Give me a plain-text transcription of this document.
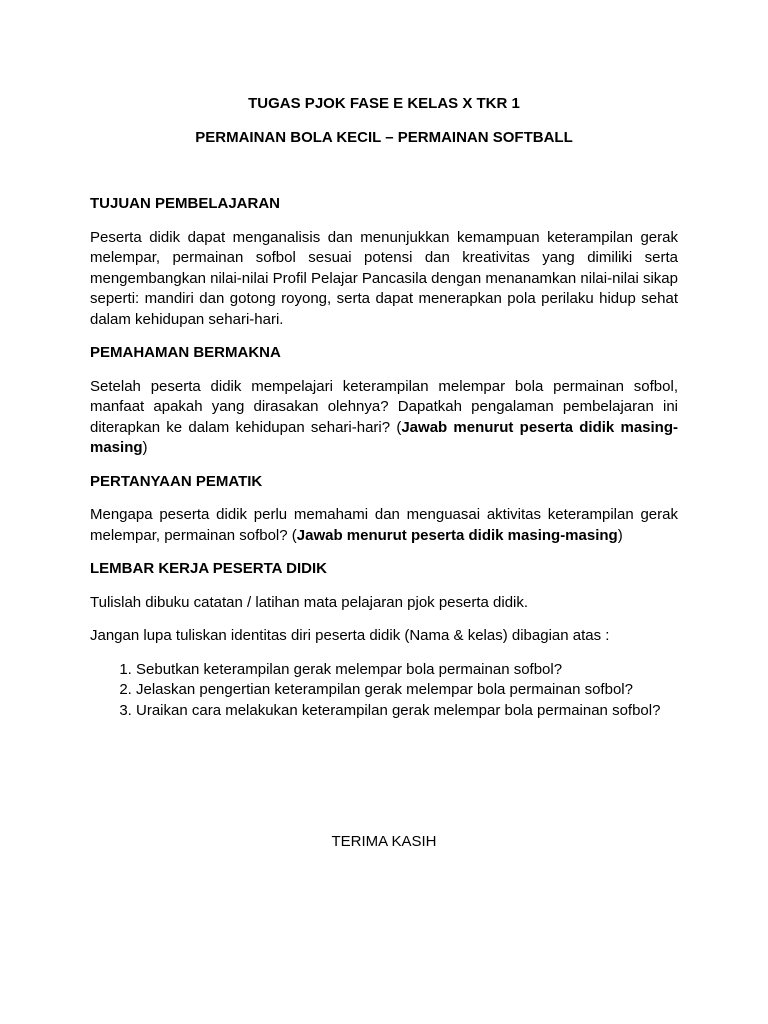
TUGAS PJOK FASE E KELAS X TKR 1

PERMAINAN BOLA KECIL – PERMAINAN SOFTBALL

TUJUAN PEMBELAJARAN

Peserta didik dapat menganalisis dan menunjukkan kemampuan keterampilan gerak melempar, permainan sofbol sesuai potensi dan kreativitas yang dimiliki serta mengembangkan nilai-nilai Profil Pelajar Pancasila dengan menanamkan nilai-nilai sikap seperti: mandiri dan gotong royong, serta dapat menerapkan pola perilaku hidup sehat dalam kehidupan sehari-hari.

PEMAHAMAN BERMAKNA

Setelah peserta didik mempelajari keterampilan melempar bola permainan sofbol, manfaat apakah yang dirasakan olehnya? Dapatkah pengalaman pembelajaran ini diterapkan ke dalam kehidupan sehari-hari? (Jawab menurut peserta didik masing-masing)

PERTANYAAN PEMATIK

Mengapa peserta didik perlu memahami dan menguasai aktivitas keterampilan gerak melempar, permainan sofbol? (Jawab menurut peserta didik masing-masing)

LEMBAR KERJA PESERTA DIDIK

Tulislah dibuku catatan / latihan mata pelajaran pjok peserta didik.

Jangan lupa tuliskan identitas diri peserta didik (Nama & kelas) dibagian atas :

1. Sebutkan keterampilan gerak melempar bola permainan sofbol?
2. Jelaskan pengertian keterampilan gerak melempar bola permainan sofbol?
3. Uraikan cara melakukan keterampilan gerak melempar bola permainan sofbol?

TERIMA KASIH
